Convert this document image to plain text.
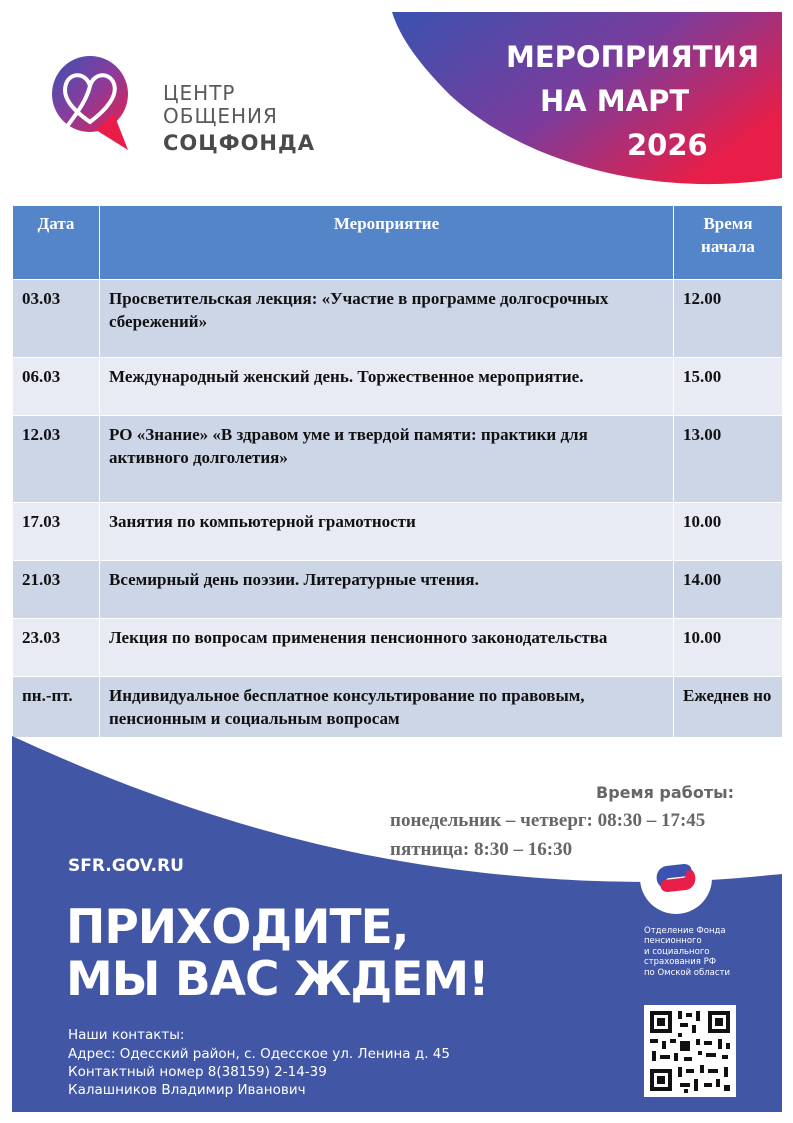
ЦЕНТР
ОБЩЕНИЯ
СОЦФОНДА
МЕРОПРИЯТИЯ
НА МАРТ
2026
Дата	Мероприятие	Время
начала
03.03	Просветительская лекция: «Участие в программе долгосрочных сбережений»	12.00
06.03	Международный женский день. Торжественное мероприятие.	15.00
12.03	РО «Знание» «В здравом уме и твердой памяти: практики для активного долголетия»	13.00
17.03	Занятия по компьютерной грамотности	10.00
21.03	Всемирный день поэзии. Литературные чтения.	14.00
23.03	Лекция по вопросам применения пенсионного законодательства	10.00
пн.-пт.	Индивидуальное бесплатное консультирование по правовым, пенсионным и социальным вопросам	Ежеднев но
Время работы:
понедельник – четверг: 08:30 – 17:45
пятница: 8:30 – 16:30
SFR.GOV.RU
ПРИХОДИТЕ,
МЫ ВАС ЖДЕМ!
Наши контакты:
Адрес: Одесский район, с. Одесское ул. Ленина д. 45
Контактный номер 8(38159) 2-14-39
Калашников Владимир Иванович
Отделение Фонда
пенсионного
и социального
страхования РФ
по Омской области
